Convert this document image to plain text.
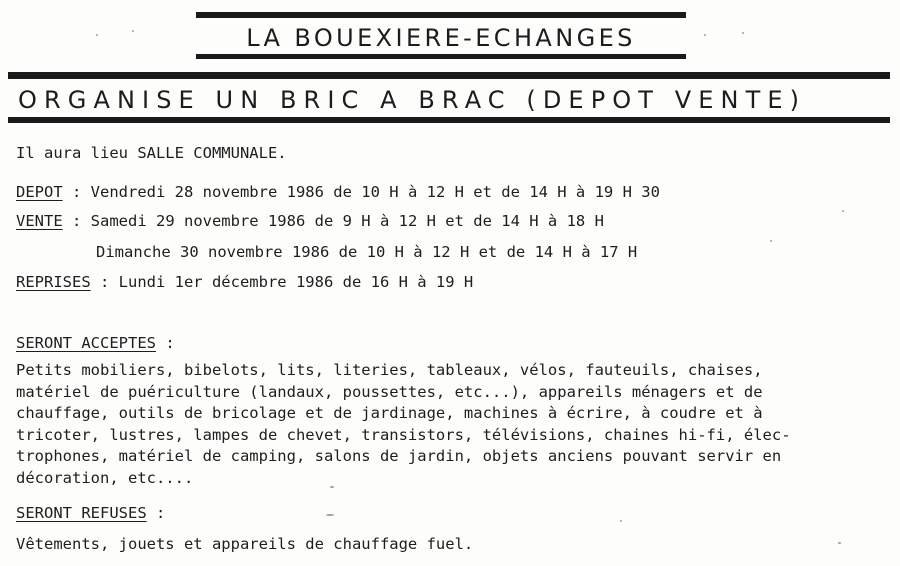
LA BOUEXIERE-ECHANGES
ORGANISE UN BRIC A BRAC (DEPOT VENTE)
Il aura lieu SALLE COMMUNALE.
DEPOT : Vendredi 28 novembre 1986 de 10 H à 12 H et de 14 H à 19 H 30
VENTE : Samedi 29 novembre 1986 de 9 H à 12 H et de 14 H à 18 H
Dimanche 30 novembre 1986 de 10 H à 12 H et de 14 H à 17 H
REPRISES : Lundi 1er décembre 1986 de 16 H à 19 H
SERONT ACCEPTES :
Petits mobiliers, bibelots, lits, literies, tableaux, vélos, fauteuils, chaises,
matériel de puériculture (landaux, poussettes, etc...), appareils ménagers et de
chauffage, outils de bricolage et de jardinage, machines à écrire, à coudre et à
tricoter, lustres, lampes de chevet, transistors, télévisions, chaines hi-fi, élec-
trophones, matériel de camping, salons de jardin, objets anciens pouvant servir en
décoration, etc....
SERONT REFUSES :
Vêtements, jouets et appareils de chauffage fuel.
